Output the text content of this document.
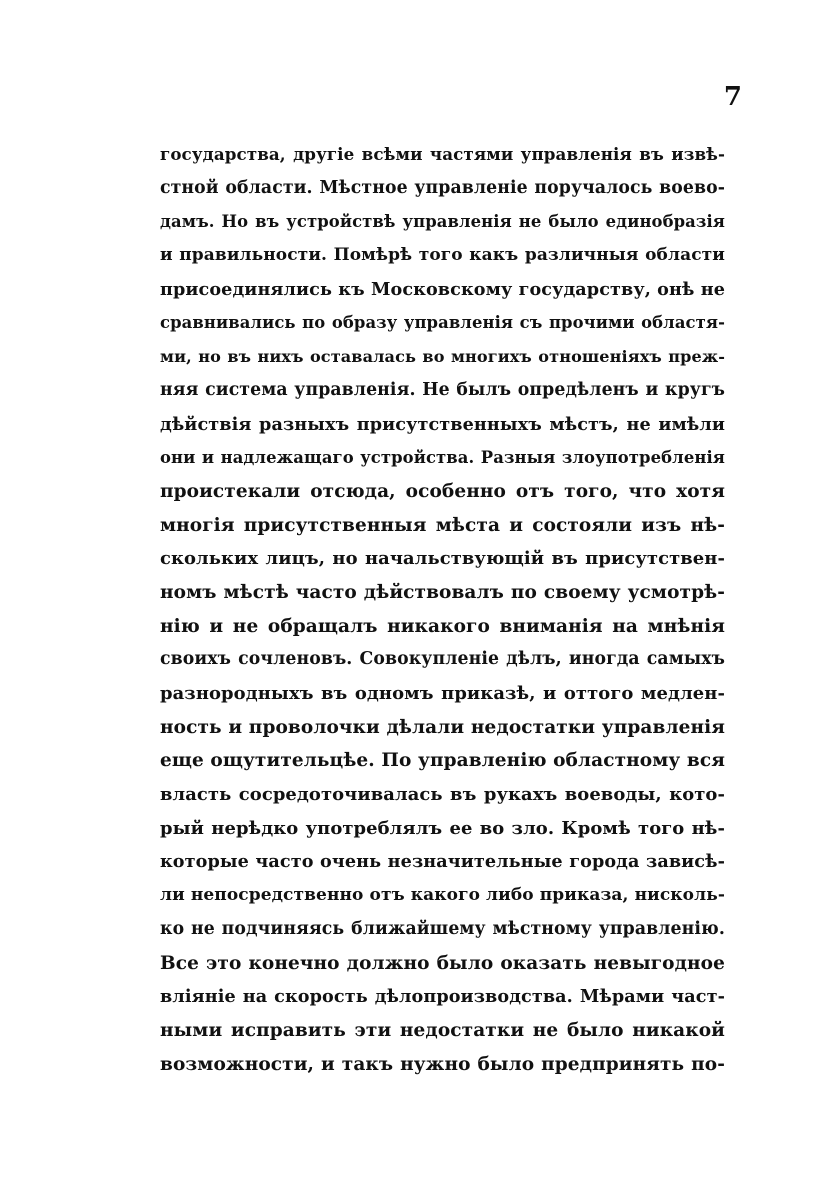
7
государства, другіе всѣми частями управленія въ извѣ-
стной области. Мѣстное управленіе поручалось воево-
дамъ. Но въ устройствѣ управленія не было единобразія
и правильности. Помѣрѣ того какъ различныя области
присоединялись къ Московскому государству, онѣ не
сравнивались по образу управленія съ прочими областя-
ми, но въ нихъ оставалась во многихъ отношеніяхъ преж-
няя система управленія. Не былъ опредѣленъ и кругъ
дѣйствія разныхъ присутственныхъ мѣстъ, не имѣли
они и надлежащаго устройства. Разныя злоупотребленія
проистекали отсюда, особенно отъ того, что хотя
многія присутственныя мѣста и состояли изъ нѣ-
скольких лицъ, но начальствующій въ присутствен-
номъ мѣстѣ часто дѣйствовалъ по своему усмотрѣ-
нію и не обращалъ никакого вниманія на мнѣнія
своихъ сочленовъ. Совокупленіе дѣлъ, иногда самыхъ
разнородныхъ въ одномъ приказѣ, и оттого медлен-
ность и проволочки дѣлали недостатки управленія
еще ощутительцѣе. По управленію областному вся
власть сосредоточивалась въ рукахъ воеводы, кото-
рый нерѣдко употреблялъ ее во зло. Кромѣ того нѣ-
которые часто очень незначительные города зависѣ-
ли непосредственно отъ какого либо приказа, нисколь-
ко не подчиняясь ближайшему мѣстному управленію.
Все это конечно должно было оказать невыгодное
вліяніе на скорость дѣлопроизводства. Мѣрами част-
ными исправить эти недостатки не было никакой
возможности, и такъ нужно было предпринять по-
